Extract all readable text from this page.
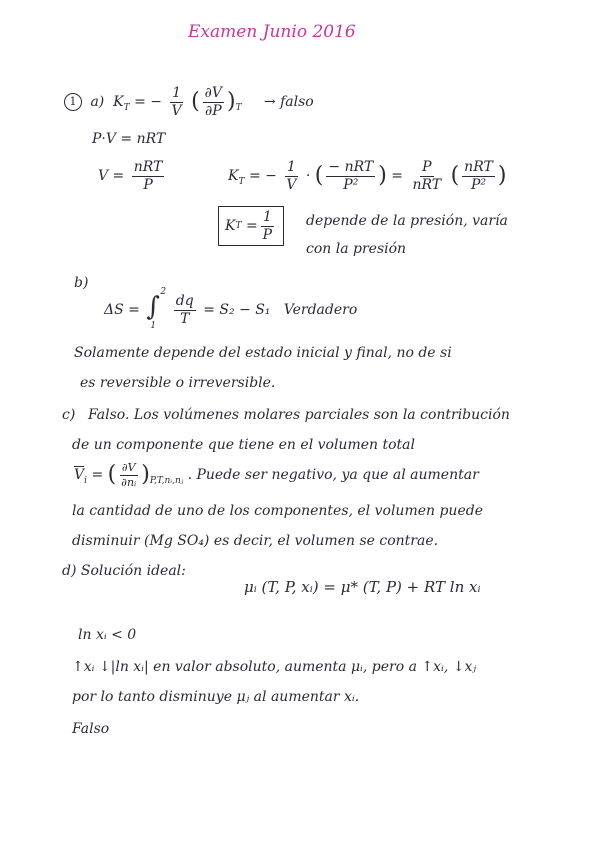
Examen Junio 2016
1 a) $K_T$ = − $\frac{1}{V}$ ( $\frac{\partial V}{\partial P} )_T$ → falso
P·V = nRT
$V = \frac{\text{nRT}}{P}$	$K_T$ = − $\frac{1}{V}$ · ( $\frac{\text{− nRT}}{\text{P²}}$ ) = $\frac{P}{\text{nRT}}$ ( $\frac{\text{nRT}}{\text{P²}}$ )
K T
= $\frac{1}{P}$ depende de la presión, varía
con la presión
b)
ΔS = ∫ 2
1
$\frac{dq}{T} = S_2 - S_1$ Verdadero
Solamente depende del estado inicial y final, no de si
es reversible o irreversible.
c) Falso. Los volúmenes molares parciales son la contribución
de un componente que tiene en el volumen total
$\overline{V}_i$ = ( $\frac{\partial V}{\text{∂nᵢ}} )_{P,T,nᵢ,nⱼ}$ . Puede ser negativo, ya que al aumentar
la cantidad de uno de los componentes, el volumen puede
disminuir (Mg SO₄) es decir, el volumen se contrae.
d) Solución ideal:
μᵢ (T, P, xᵢ) = μ* (T, P) + RT ln xᵢ
ln xᵢ < 0
↑xᵢ ↓|ln xᵢ| en valor absoluto, aumenta μᵢ, pero a ↑xᵢ, ↓xⱼ
por lo tanto disminuye μⱼ al aumentar xᵢ.
Falso
